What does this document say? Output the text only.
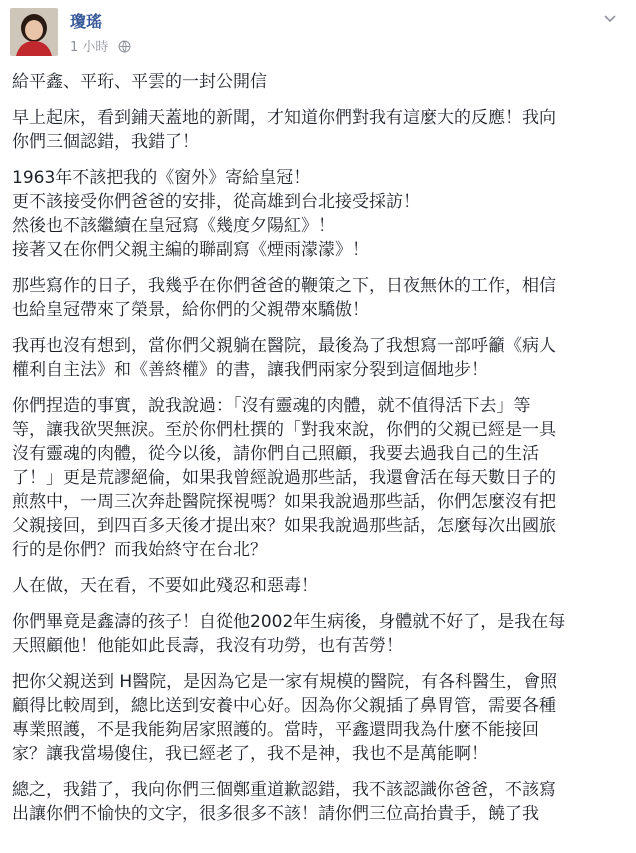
瓊瑤
1 小時

給平鑫、平珩、平雲的一封公開信

早上起床，看到鋪天蓋地的新聞，才知道你們對我有這麼大的反應！我向
你們三個認錯，我錯了！

1963年不該把我的《窗外》寄給皇冠！
更不該接受你們爸爸的安排，從高雄到台北接受採訪！
然後也不該繼續在皇冠寫《幾度夕陽紅》！
接著又在你們父親主編的聯副寫《煙雨濛濛》！

那些寫作的日子，我幾乎在你們爸爸的鞭策之下，日夜無休的工作，相信
也給皇冠帶來了榮景，給你們的父親帶來驕傲！

我再也沒有想到，當你們父親躺在醫院，最後為了我想寫一部呼籲《病人
權利自主法》和《善終權》的書，讓我們兩家分裂到這個地步！

你們捏造的事實，說我說過：「沒有靈魂的肉體，就不值得活下去」等
等，讓我欲哭無淚。至於你們杜撰的「對我來說，你們的父親已經是一具
沒有靈魂的肉體，從今以後，請你們自己照顧，我要去過我自己的生活
了！」更是荒謬絕倫，如果我曾經說過那些話，我還會活在每天數日子的
煎熬中，一周三次奔赴醫院探視嗎？如果我說過那些話，你們怎麼沒有把
父親接回，到四百多天後才提出來？如果我說過那些話，怎麼每次出國旅
行的是你們？而我始終守在台北？

人在做，天在看，不要如此殘忍和惡毒！

你們畢竟是鑫濤的孩子！自從他2002年生病後，身體就不好了，是我在每
天照顧他！他能如此長壽，我沒有功勞，也有苦勞！

把你父親送到 H醫院，是因為它是一家有規模的醫院，有各科醫生，會照
顧得比較周到，總比送到安養中心好。因為你父親插了鼻胃管，需要各種
專業照護，不是我能夠居家照護的。當時，平鑫還問我為什麼不能接回
家？讓我當場傻住，我已經老了，我不是神，我也不是萬能啊！

總之，我錯了，我向你們三個鄭重道歉認錯，我不該認識你爸爸，不該寫
出讓你們不愉快的文字，很多很多不該！請你們三位高抬貴手，饒了我
